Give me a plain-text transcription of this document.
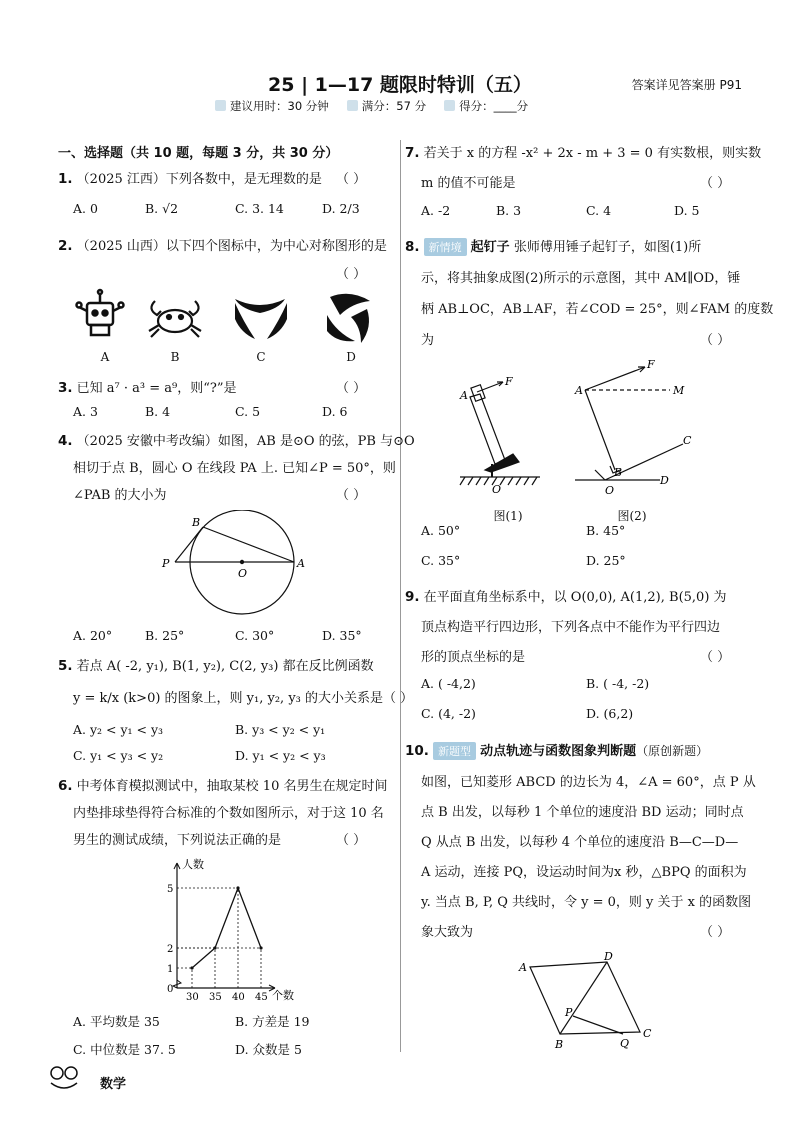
25 | 1—17 题限时特训（五）	答案详见答案册 P91
建议用时：30 分钟	满分：57 分	得分：____分
一、选择题（共 10 题，每题 3 分，共 30 分）
1. （2025 江西）下列各数中，是无理数的是 （ ）
A. 0	B. √2	C. 3. 14	D. 2/3
2. （2025 山西）以下四个图标中，为中心对称图形的是
（ ）
A	B	C	D
3. 已知 a⁷ · a³ = a⁹，则“?”是	（ ）
A. 3	B. 4	C. 5	D. 6
4. （2025 安徽中考改编）如图，AB 是⊙O 的弦，PB 与⊙O
相切于点 B，圆心 O 在线段 PA 上. 已知∠P = 50°，则
∠PAB 的大小为	（ ）
B
P
O
A
A. 20°	B. 25°	C. 30°	D. 35°
5. 若点 A( -2, y₁), B(1, y₂), C(2, y₃) 都在反比例函数
y = k/x (k>0) 的图象上，则 y₁, y₂, y₃ 的大小关系是（ ）
A. y₂ < y₁ < y₃	B. y₃ < y₂ < y₁
C. y₁ < y₃ < y₂	D. y₁ < y₂ < y₃
6. 中考体育模拟测试中，抽取某校 10 名男生在规定时间
内垫排球垫得符合标准的个数如图所示，对于这 10 名
男生的测试成绩，下列说法正确的是	（ ）
人数
个数
30 35 40 45
0
1
2
5
A. 平均数是 35	B. 方差是 19
C. 中位数是 37. 5	D. 众数是 5
7. 若关于 x 的方程 -x² + 2x - m + 3 = 0 有实数根，则实数
m 的值不可能是	（ ）
A. -2	B. 3	C. 4	D. 5
8. 新情境 起钉子 张师傅用锤子起钉子，如图(1)所
示，将其抽象成图(2)所示的示意图，其中 AM∥OD，锤
柄 AB⊥OC，AB⊥AF，若∠COD = 25°，则∠FAM 的度数
为	（ ）
F
A
O
F
A	M
C
B
O
D
图(1)	图(2)
A. 50°	B. 45°
C. 35°	D. 25°
9. 在平面直角坐标系中，以 O(0,0), A(1,2), B(5,0) 为
顶点构造平行四边形，下列各点中不能作为平行四边
形的顶点坐标的是	（ ）
A. ( -4,2)	B. ( -4, -2)
C. (4, -2)	D. (6,2)
10. 新题型 动点轨迹与函数图象判断题（原创新题）
如图，已知菱形 ABCD 的边长为 4，∠A = 60°，点 P 从
点 B 出发，以每秒 1 个单位的速度沿 BD 运动；同时点
Q 从点 B 出发，以每秒 4 个单位的速度沿 B—C—D—
A 运动，连接 PQ，设运动时间为x 秒，△BPQ 的面积为
y. 当点 B, P, Q 共线时，令 y = 0，则 y 关于 x 的函数图
象大致为	（ ）
A
D
P
B	Q
C
数学
